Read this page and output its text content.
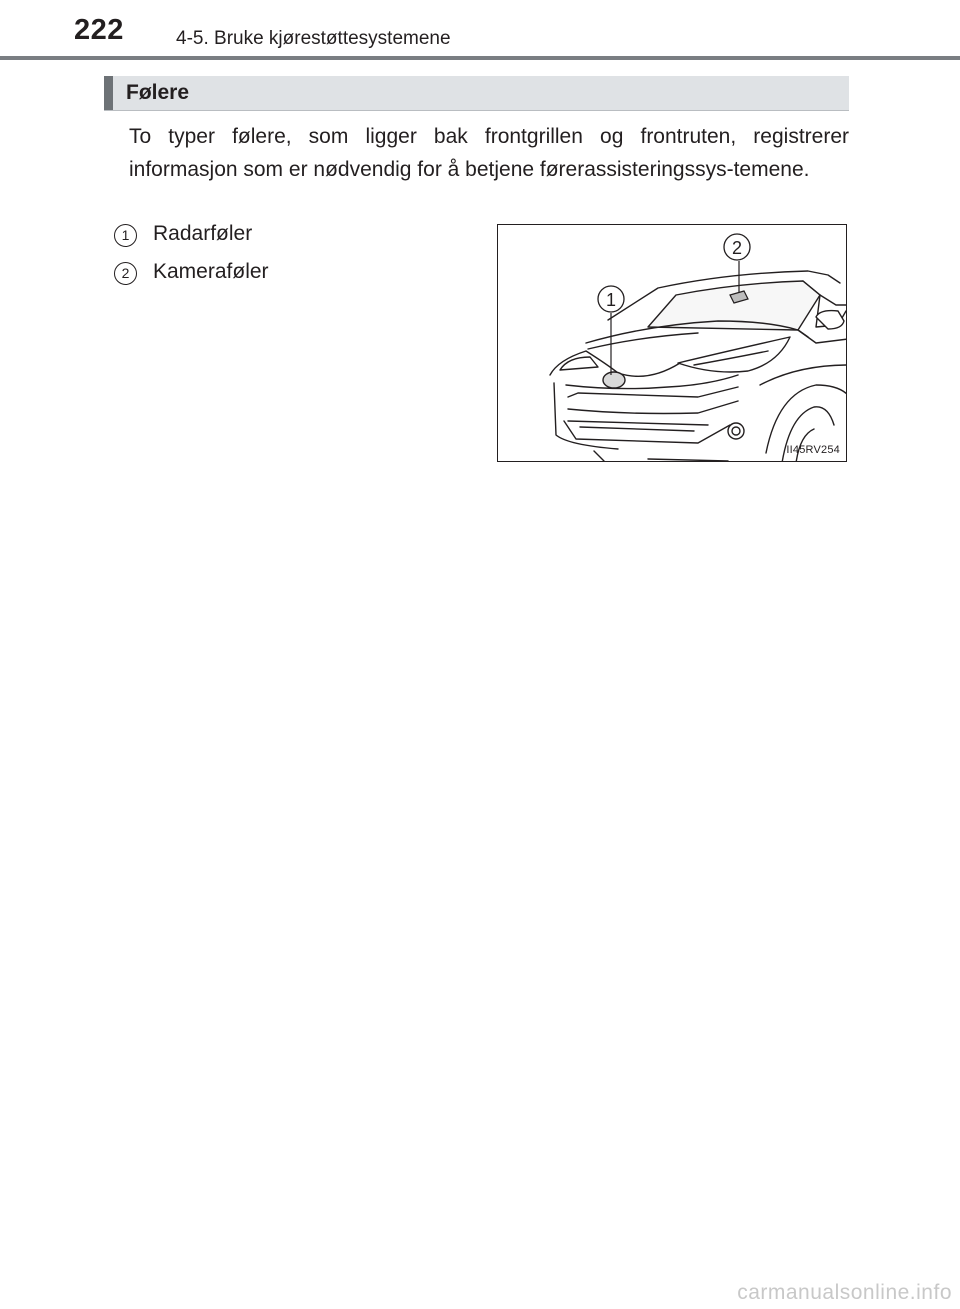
222	4-5. Bruke kjørestøttesystemene
Følere

To typer følere, som ligger bak frontgrillen og frontruten, registrerer informasjon som er nødvendig for å betjene førerassisteringssys-temene.

1	Radarføler
2	Kameraføler
1
2
II45RV254
carmanualsonline.info
